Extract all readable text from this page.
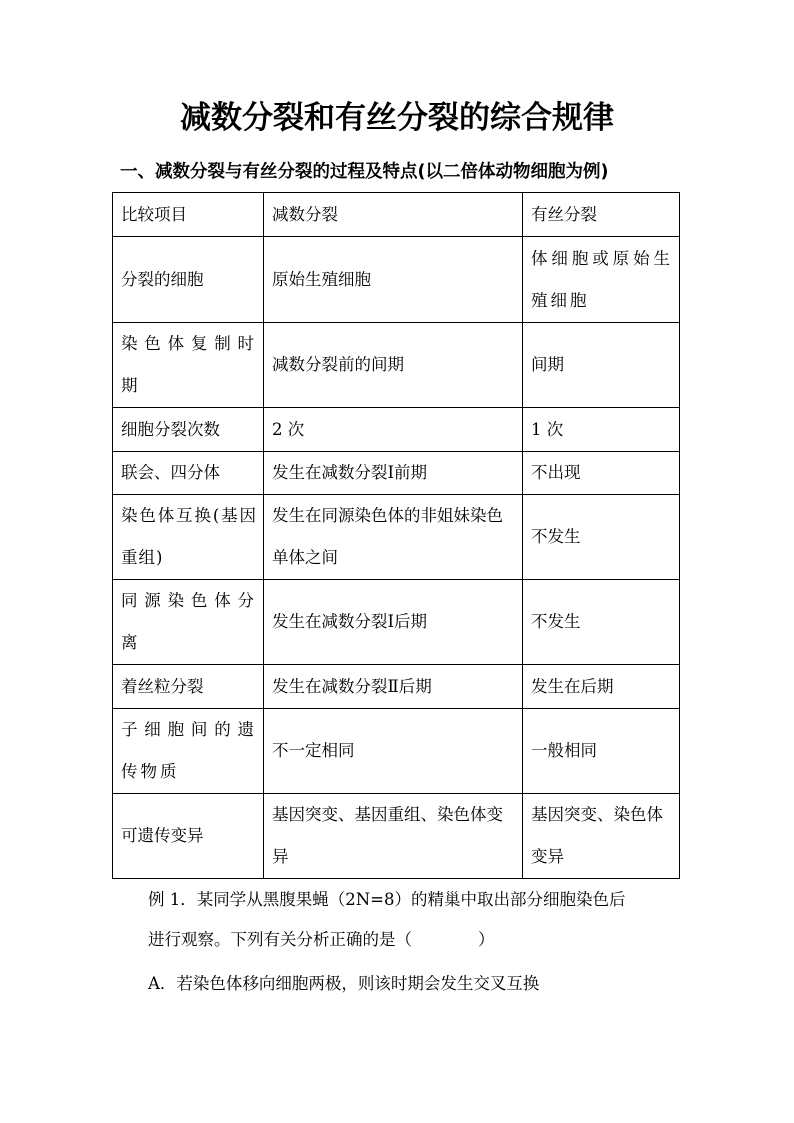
减数分裂和有丝分裂的综合规律
一、减数分裂与有丝分裂的过程及特点(以二倍体动物细胞为例)
比较项目	减数分裂	有丝分裂
分裂的细胞	原始生殖细胞	体细胞或原始生殖细胞
染色体复制时期	减数分裂前的间期	间期
细胞分裂次数	2 次	1 次
联会、四分体	发生在减数分裂Ⅰ前期	不出现
染色体互换(基因重组)	发生在同源染色体的非姐妹染色单体之间	不发生
同源染色体分离	发生在减数分裂Ⅰ后期	不发生
着丝粒分裂	发生在减数分裂Ⅱ后期	发生在后期
子细胞间的遗传物质	不一定相同	一般相同
可遗传变异	基因突变、基因重组、染色体变异	基因突变、染色体变异
例 1．某同学从黑腹果蝇（2N=8）的精巢中取出部分细胞染色后
进行观察。下列有关分析正确的是（　　　　）
A．若染色体移向细胞两极，则该时期会发生交叉互换
